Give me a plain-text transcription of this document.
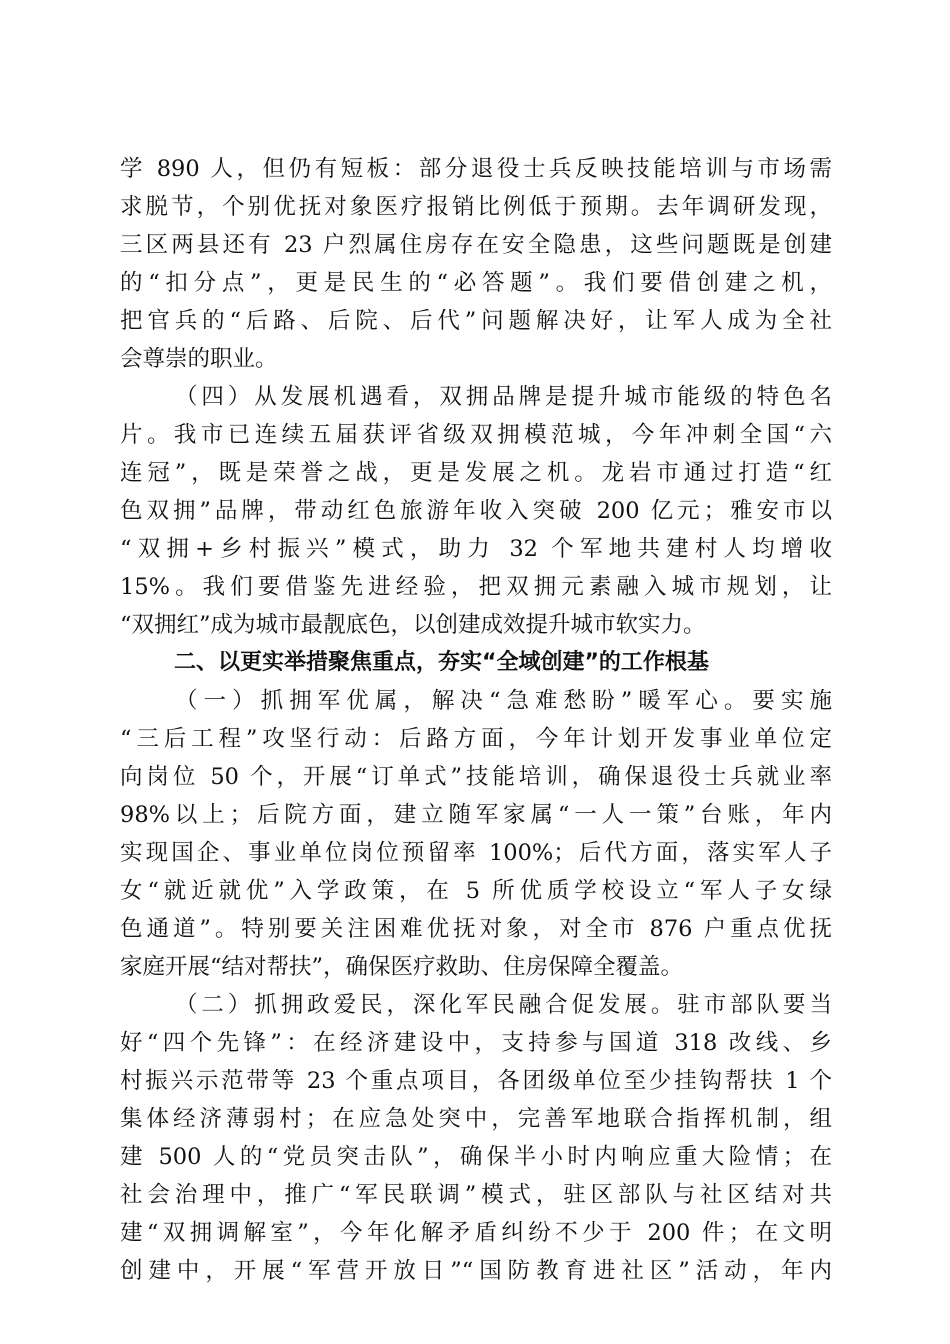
学 890 人，但仍有短板：部分退役士兵反映技能培训与市场需
求脱节，个别优抚对象医疗报销比例低于预期。去年调研发现，
三区两县还有 23 户烈属住房存在安全隐患，这些问题既是创建
的“扣分点”，更是民生的“必答题”。我们要借创建之机，
把官兵的“后路、后院、后代”问题解决好，让军人成为全社
会尊崇的职业。
（四）从发展机遇看，双拥品牌是提升城市能级的特色名
片。我市已连续五届获评省级双拥模范城，今年冲刺全国“六
连冠”，既是荣誉之战，更是发展之机。龙岩市通过打造“红
色双拥”品牌，带动红色旅游年收入突破 200 亿元；雅安市以
“双拥+乡村振兴”模式，助力 32 个军地共建村人均增收
15%。我们要借鉴先进经验，把双拥元素融入城市规划，让
“双拥红”成为城市最靓底色，以创建成效提升城市软实力。
二、以更实举措聚焦重点，夯实“全域创建”的工作根基
（一）抓拥军优属，解决“急难愁盼”暖军心。要实施
“三后工程”攻坚行动：后路方面，今年计划开发事业单位定
向岗位 50 个，开展“订单式”技能培训，确保退役士兵就业率
98%以上；后院方面，建立随军家属“一人一策”台账，年内
实现国企、事业单位岗位预留率 100%；后代方面，落实军人子
女“就近就优”入学政策，在 5 所优质学校设立“军人子女绿
色通道”。特别要关注困难优抚对象，对全市 876 户重点优抚
家庭开展“结对帮扶”，确保医疗救助、住房保障全覆盖。
（二）抓拥政爱民，深化军民融合促发展。驻市部队要当
好“四个先锋”：在经济建设中，支持参与国道 318 改线、乡
村振兴示范带等 23 个重点项目，各团级单位至少挂钩帮扶 1 个
集体经济薄弱村；在应急处突中，完善军地联合指挥机制，组
建 500 人的“党员突击队”，确保半小时内响应重大险情；在
社会治理中，推广“军民联调”模式，驻区部队与社区结对共
建“双拥调解室”，今年化解矛盾纠纷不少于 200 件；在文明
创建中，开展“军营开放日”“国防教育进社区”活动，年内
